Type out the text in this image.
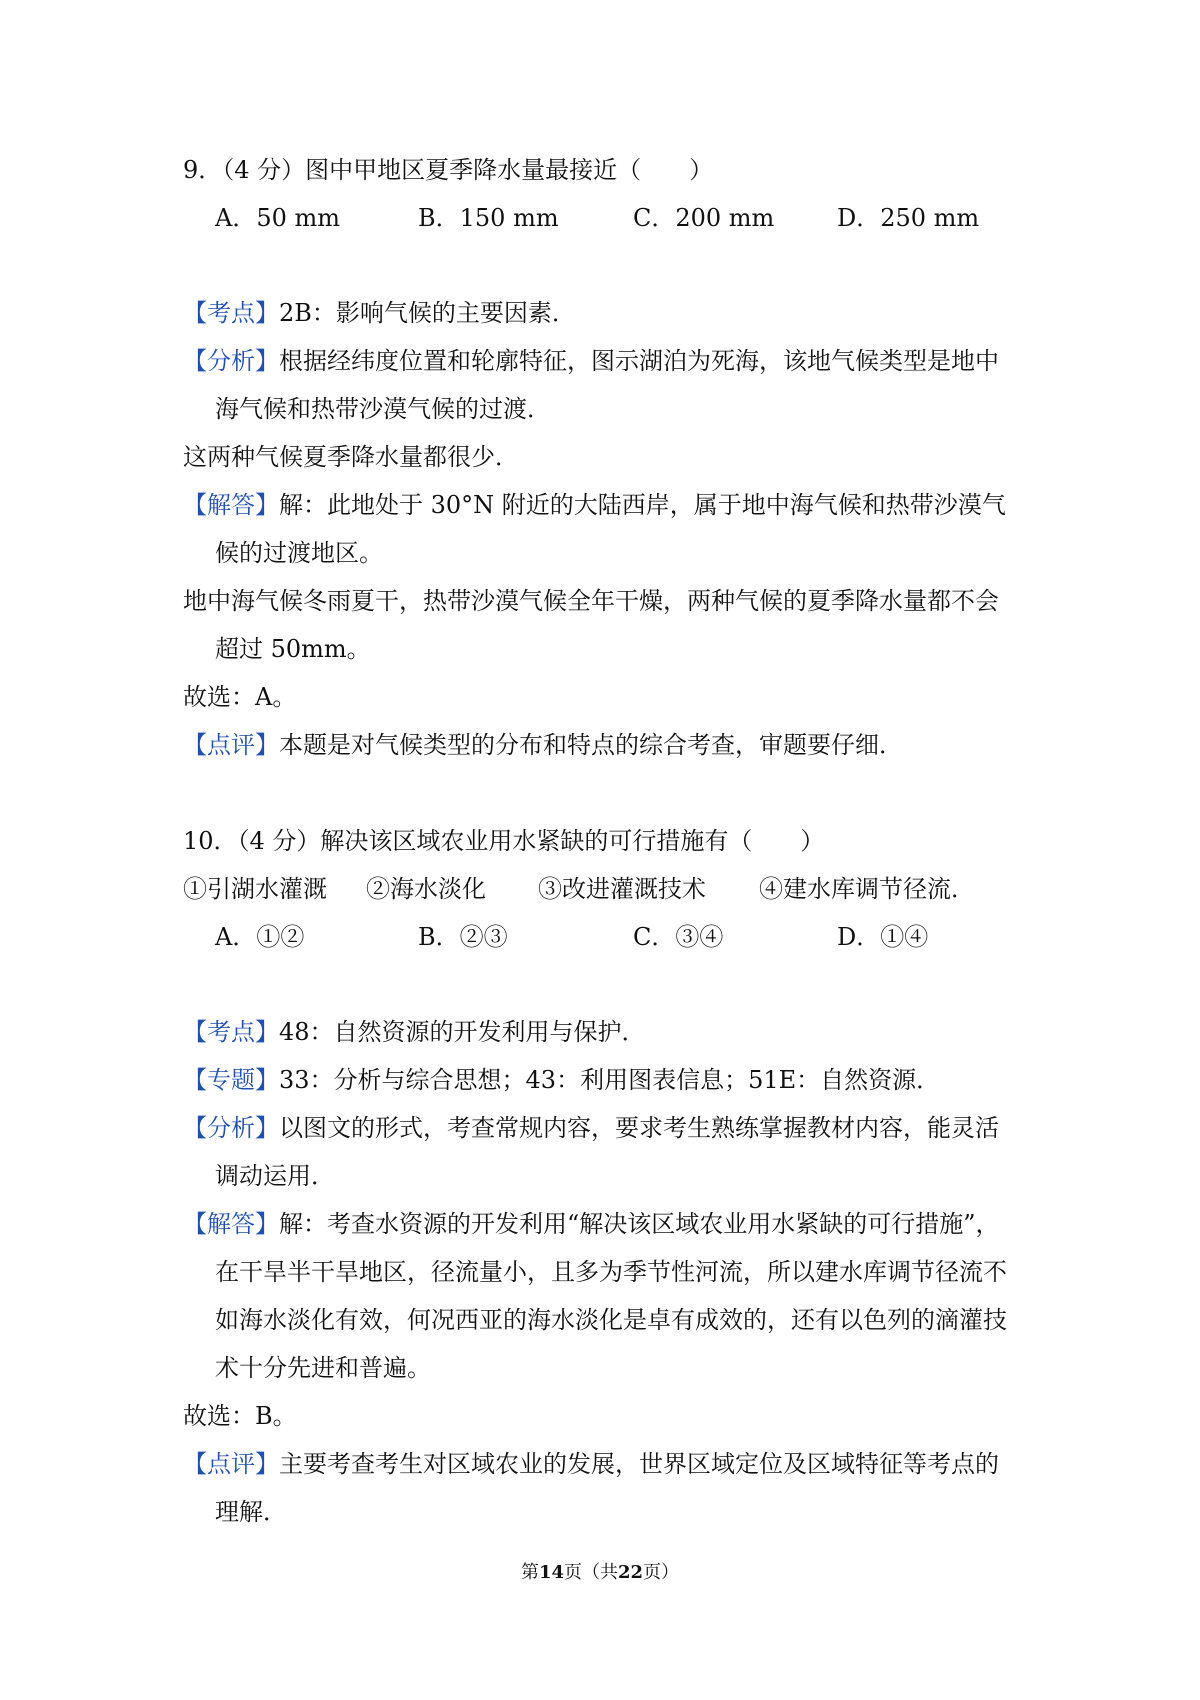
9．（4 分）图中甲地区夏季降水量最接近（　　）
A．50 mm	B．150 mm	C．200 mm	D．250 mm
【考点】2B：影响气候的主要因素．
【分析】根据经纬度位置和轮廓特征，图示湖泊为死海，该地气候类型是地中
海气候和热带沙漠气候的过渡．
这两种气候夏季降水量都很少．
【解答】解：此地处于 30°N 附近的大陆西岸，属于地中海气候和热带沙漠气
候的过渡地区。
地中海气候冬雨夏干，热带沙漠气候全年干燥，两种气候的夏季降水量都不会
超过 50mm。
故选：A。
【点评】本题是对气候类型的分布和特点的综合考查，审题要仔细．
10．（4 分）解决该区域农业用水紧缺的可行措施有（　　）
①引湖水灌溉 ②海水淡化 ③改进灌溉技术 ④建水库调节径流．
A．①②	B．②③	C．③④	D．①④
【考点】48：自然资源的开发利用与保护．
【专题】33：分析与综合思想；43：利用图表信息；51E：自然资源．
【分析】以图文的形式，考查常规内容，要求考生熟练掌握教材内容，能灵活
调动运用．
【解答】解：考查水资源的开发利用“解决该区域农业用水紧缺的可行措施”，
在干旱半干旱地区，径流量小，且多为季节性河流，所以建水库调节径流不
如海水淡化有效，何况西亚的海水淡化是卓有成效的，还有以色列的滴灌技
术十分先进和普遍。
故选：B。
【点评】主要考查考生对区域农业的发展，世界区域定位及区域特征等考点的
理解．
第14页（共22页）
